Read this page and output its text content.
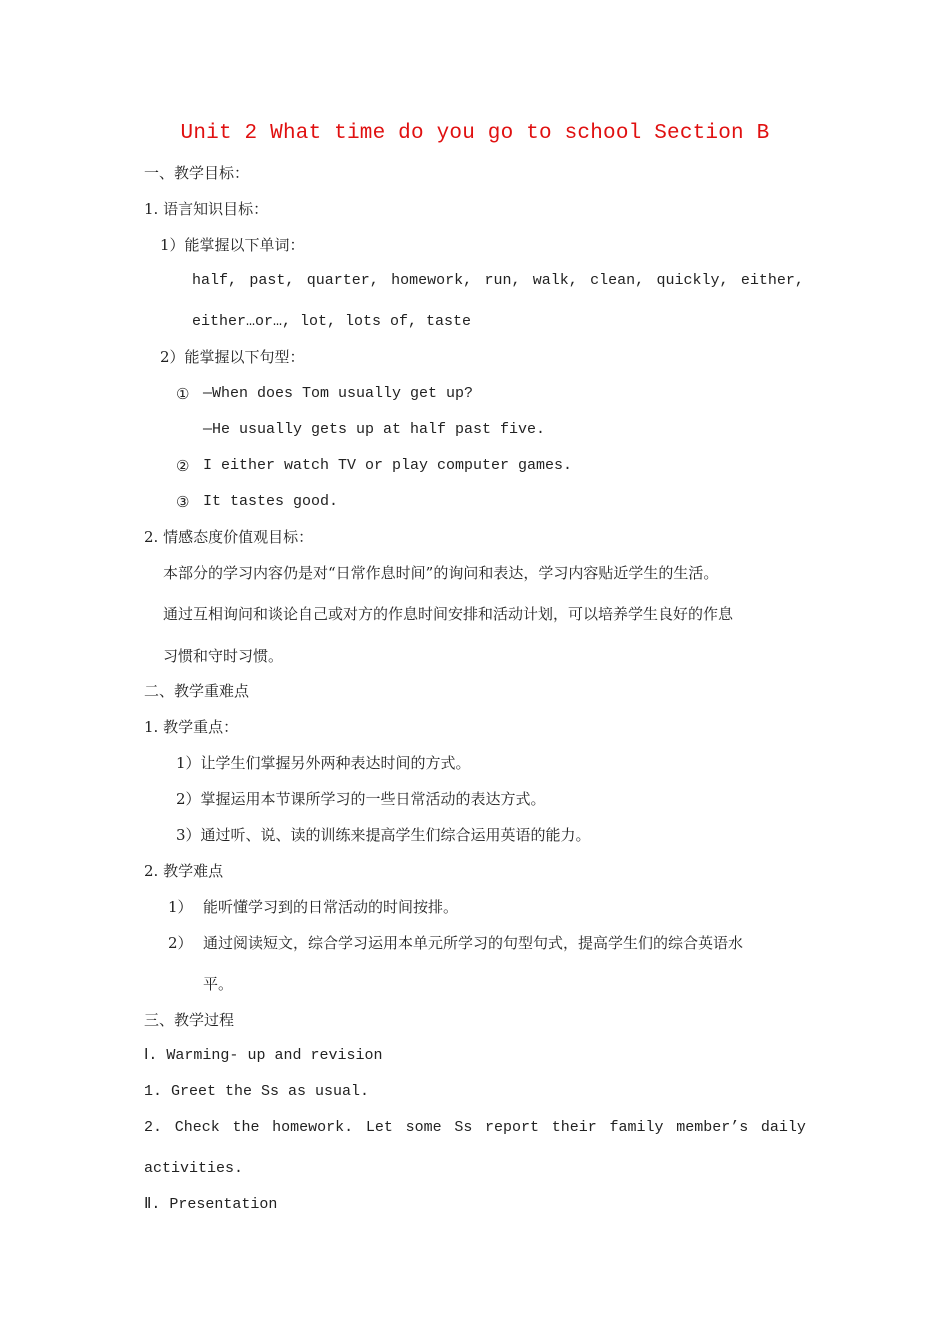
Unit 2 What time do you go to school Section B
一、教学目标：
1. 语言知识目标：
1）能掌握以下单词：
half, past, quarter, homework, run, walk, clean, quickly, either,
either…or…, lot, lots of, taste
2）能掌握以下句型：
① —When does Tom usually get up?
—He usually gets up at half past five.
② I either watch TV or play computer games.
③ It tastes good.
2. 情感态度价值观目标：
本部分的学习内容仍是对“日常作息时间”的询问和表达，学习内容贴近学生的生活。
通过互相询问和谈论自己或对方的作息时间安排和活动计划，可以培养学生良好的作息
习惯和守时习惯。
二、教学重难点
1. 教学重点：
1）让学生们掌握另外两种表达时间的方式。
2）掌握运用本节课所学习的一些日常活动的表达方式。
3）通过听、说、读的训练来提高学生们综合运用英语的能力。
2. 教学难点
1） 能听懂学习到的日常活动的时间按排。
2） 通过阅读短文，综合学习运用本单元所学习的句型句式，提高学生们的综合英语水
平。
三、教学过程
Ⅰ. Warming- up and revision
1. Greet the Ss as usual.
2. Check the homework. Let some Ss report their family member’s daily
activities.
Ⅱ. Presentation
